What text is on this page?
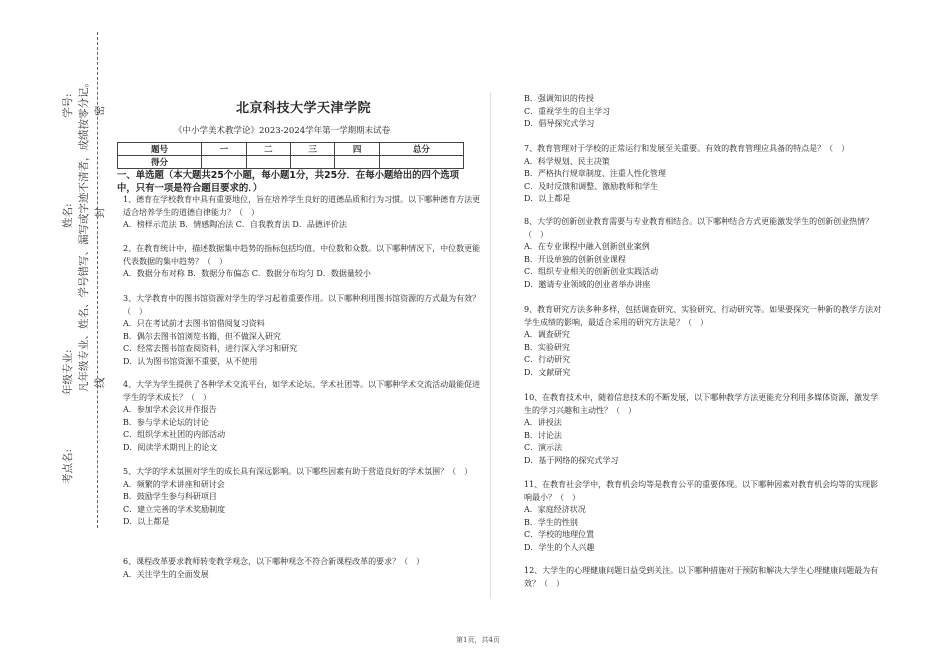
学号: 密
封
线
姓名:
年级专业: 凡年级专业、姓名、学号错写、漏写或字迹不清者，成绩按零分记。
考点名:
北京科技大学天津学院
《中小学美术教学论》2023-2024学年第一学期期末试卷
题号	一	二	三	四	总分
得分					
一、单选题（本大题共25个小题，每小题1分，共25分．在每小题给出的四个选项中，只有一项是符合题目要求的．）

1、德育在学校教育中具有重要地位，旨在培养学生良好的道德品质和行为习惯。以下哪种德育方法更适合培养学生的道德自律能力？（　）

A．榜样示范法 B．情感陶冶法 C．自我教育法 D．品德评价法

2、在教育统计中，描述数据集中趋势的指标包括均值、中位数和众数。以下哪种情况下，中位数更能代表数据的集中趋势？（　）

A．数据分布对称 B．数据分布偏态 C．数据分布均匀 D．数据量较小

3、大学教育中的图书馆资源对学生的学习起着重要作用。以下哪种利用图书馆资源的方式最为有效？（　）

A．只在考试前才去图书馆借阅复习资料

B．偶尔去图书馆浏览书籍，但不做深入研究

C．经常去图书馆查阅资料，进行深入学习和研究

D．认为图书馆资源不重要，从不使用

4、大学为学生提供了各种学术交流平台，如学术论坛、学术社团等。以下哪种学术交流活动最能促进学生的学术成长？（　）

A．参加学术会议并作报告

B．参与学术论坛的讨论

C．组织学术社团的内部活动

D．阅读学术期刊上的论文

5、大学的学术氛围对学生的成长具有深远影响。以下哪些因素有助于营造良好的学术氛围？（　）

A．频繁的学术讲座和研讨会

B．鼓励学生参与科研项目

C．建立完善的学术奖励制度

D．以上都是

6、课程改革要求教师转变教学观念，以下哪种观念不符合新课程改革的要求？（　）

A．关注学生的全面发展

B．强调知识的传授

C．重视学生的自主学习

D．倡导探究式学习

7、教育管理对于学校的正常运行和发展至关重要。有效的教育管理应具备的特点是？（　）

A．科学规划、民主决策

B．严格执行规章制度、注重人性化管理

C．及时反馈和调整、激励教师和学生

D．以上都是

8、大学的创新创业教育需要与专业教育相结合。以下哪种结合方式更能激发学生的创新创业热情？（　）

A．在专业课程中融入创新创业案例

B．开设单独的创新创业课程

C．组织专业相关的创新创业实践活动

D．邀请专业领域的创业者举办讲座

9、教育研究方法多种多样，包括调查研究、实验研究、行动研究等。如果要探究一种新的教学方法对学生成绩的影响，最适合采用的研究方法是？（　）

A．调查研究

B．实验研究

C．行动研究

D．文献研究

10、在教育技术中，随着信息技术的不断发展，以下哪种教学方法更能充分利用多媒体资源，激发学生的学习兴趣和主动性？（　）

A．讲授法

B．讨论法

C．演示法

D．基于网络的探究式学习

11、在教育社会学中，教育机会均等是教育公平的重要体现。以下哪种因素对教育机会均等的实现影响最小？（　）

A．家庭经济状况

B．学生的性别

C．学校的地理位置

D．学生的个人兴趣

12、大学生的心理健康问题日益受到关注。以下哪种措施对于预防和解决大学生心理健康问题最为有效？（　）

第1页，共4页
